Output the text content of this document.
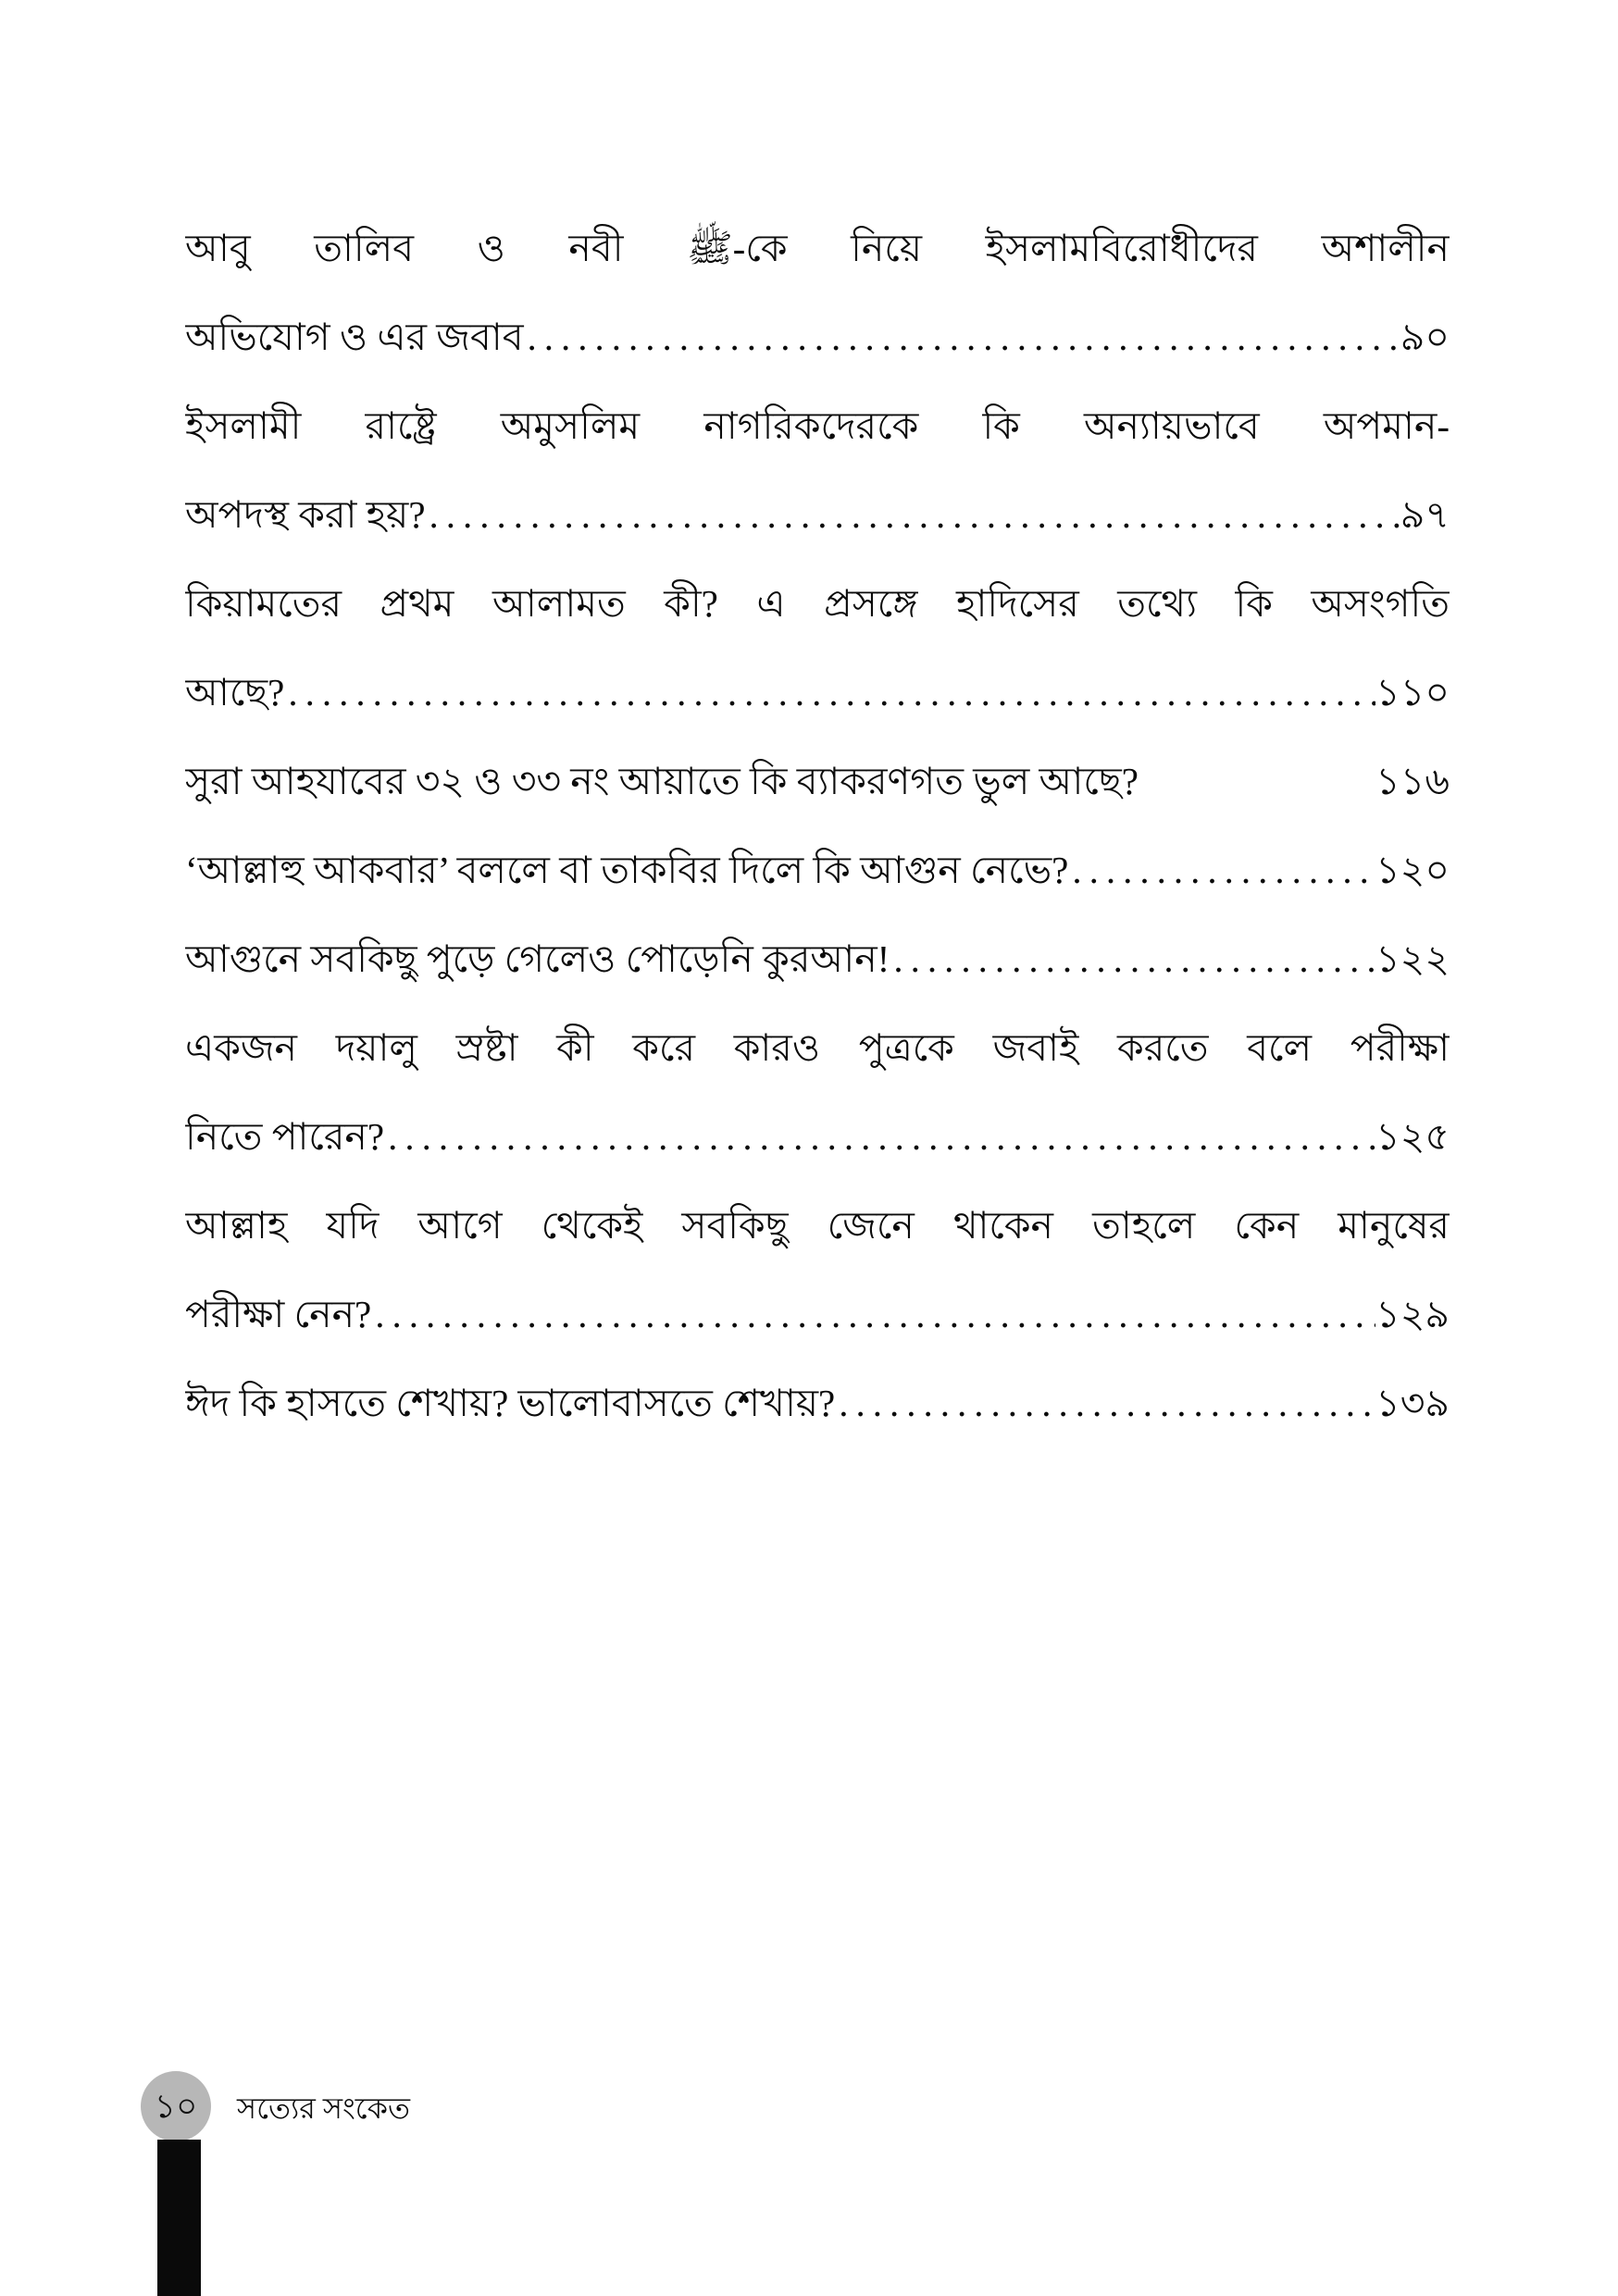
আবু তালিব ও নবী ﷺ-কে নিয়ে ইসলামবিরোধীদের অশালীন
অভিযোগ ও এর জবাব .....	৯০
ইসলামী রাষ্ট্রে অমুসলিম নাগরিকদেরকে কি অন্যায়ভাবে অপমান-
অপদস্থ করা হয়? .....	৯৭
কিয়ামতের প্রথম আলামত কী? এ প্রসঙ্গে হাদিসের তথ্যে কি অসংগতি
আছে? .....	১১০
সুরা আহযাবের ৩২ ও ৩৩ নং আয়াতে কি ব্যাকরণগত ভুল আছে?	১১৬
‘আল্লাহু আকবার’ বললে বা তাকবির দিলে কি আগুন নেভে? .....	১২০
আগুনে সবকিছু পুড়ে গেলেও পোড়েনি কুরআন! .....	১২২
একজন দয়ালু স্রষ্টা কী করে কারও পুত্রকে জবাই করতে বলে পরীক্ষা
নিতে পারেন? .....	১২৫
আল্লাহ যদি আগে থেকেই সবকিছু জেনে থাকেন তাহলে কেন মানুষের
পরীক্ষা নেন? .....	১২৯
ঈদ কি হাসতে শেখায়? ভালোবাসতে শেখায়? .....	১৩৯
১০	সত্যের সংকেত
